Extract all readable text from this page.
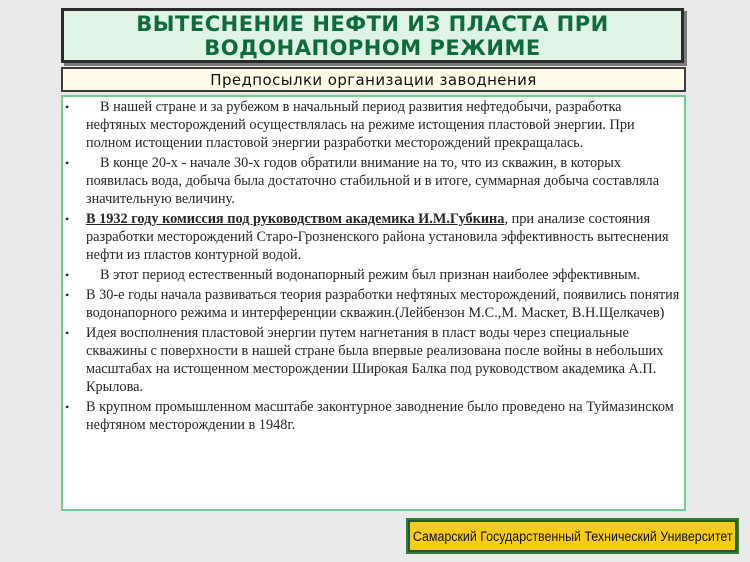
ВЫТЕСНЕНИЕ НЕФТИ ИЗ ПЛАСТА ПРИ
ВОДОНАПОРНОМ РЕЖИМЕ
Предпосылки организации заводнения
• В нашей стране и за рубежом в начальный период развития нефтедобычи, разработка нефтяных месторождений осуществлялась на режиме истощения пластовой энергии. При полном истощении пластовой энергии разработки месторождений прекращалась.
• В конце 20-х - начале 30-х годов обратили внимание на то, что из скважин, в которых появилась вода, добыча была достаточно стабильной и в итоге, суммарная добыча составляла значительную величину.
• В 1932 году комиссия под руководством академика И.М.Губкина, при анализе состояния разработки месторождений Старо-Грозненского района установила эффективность вытеснения нефти из пластов контурной водой.
• В этот период естественный водонапорный режим был признан наиболее эффективным.
• В 30-е годы начала развиваться теория разработки нефтяных месторождений, появились понятия водонапорного режима и интерференции скважин.(Лейбензон М.С.,М. Маскет, В.Н.Щелкачев)
• Идея восполнения пластовой энергии путем нагнетания в пласт воды через специальные скважины с поверхности в нашей стране была впервые реализована после войны в небольших масштабах на истощенном месторождении Широкая Балка под руководством академика А.П. Крылова.
• В крупном промышленном масштабе законтурное заводнение было проведено на Туймазинском нефтяном месторождении в 1948г.
Самарский Государственный Технический Университет
